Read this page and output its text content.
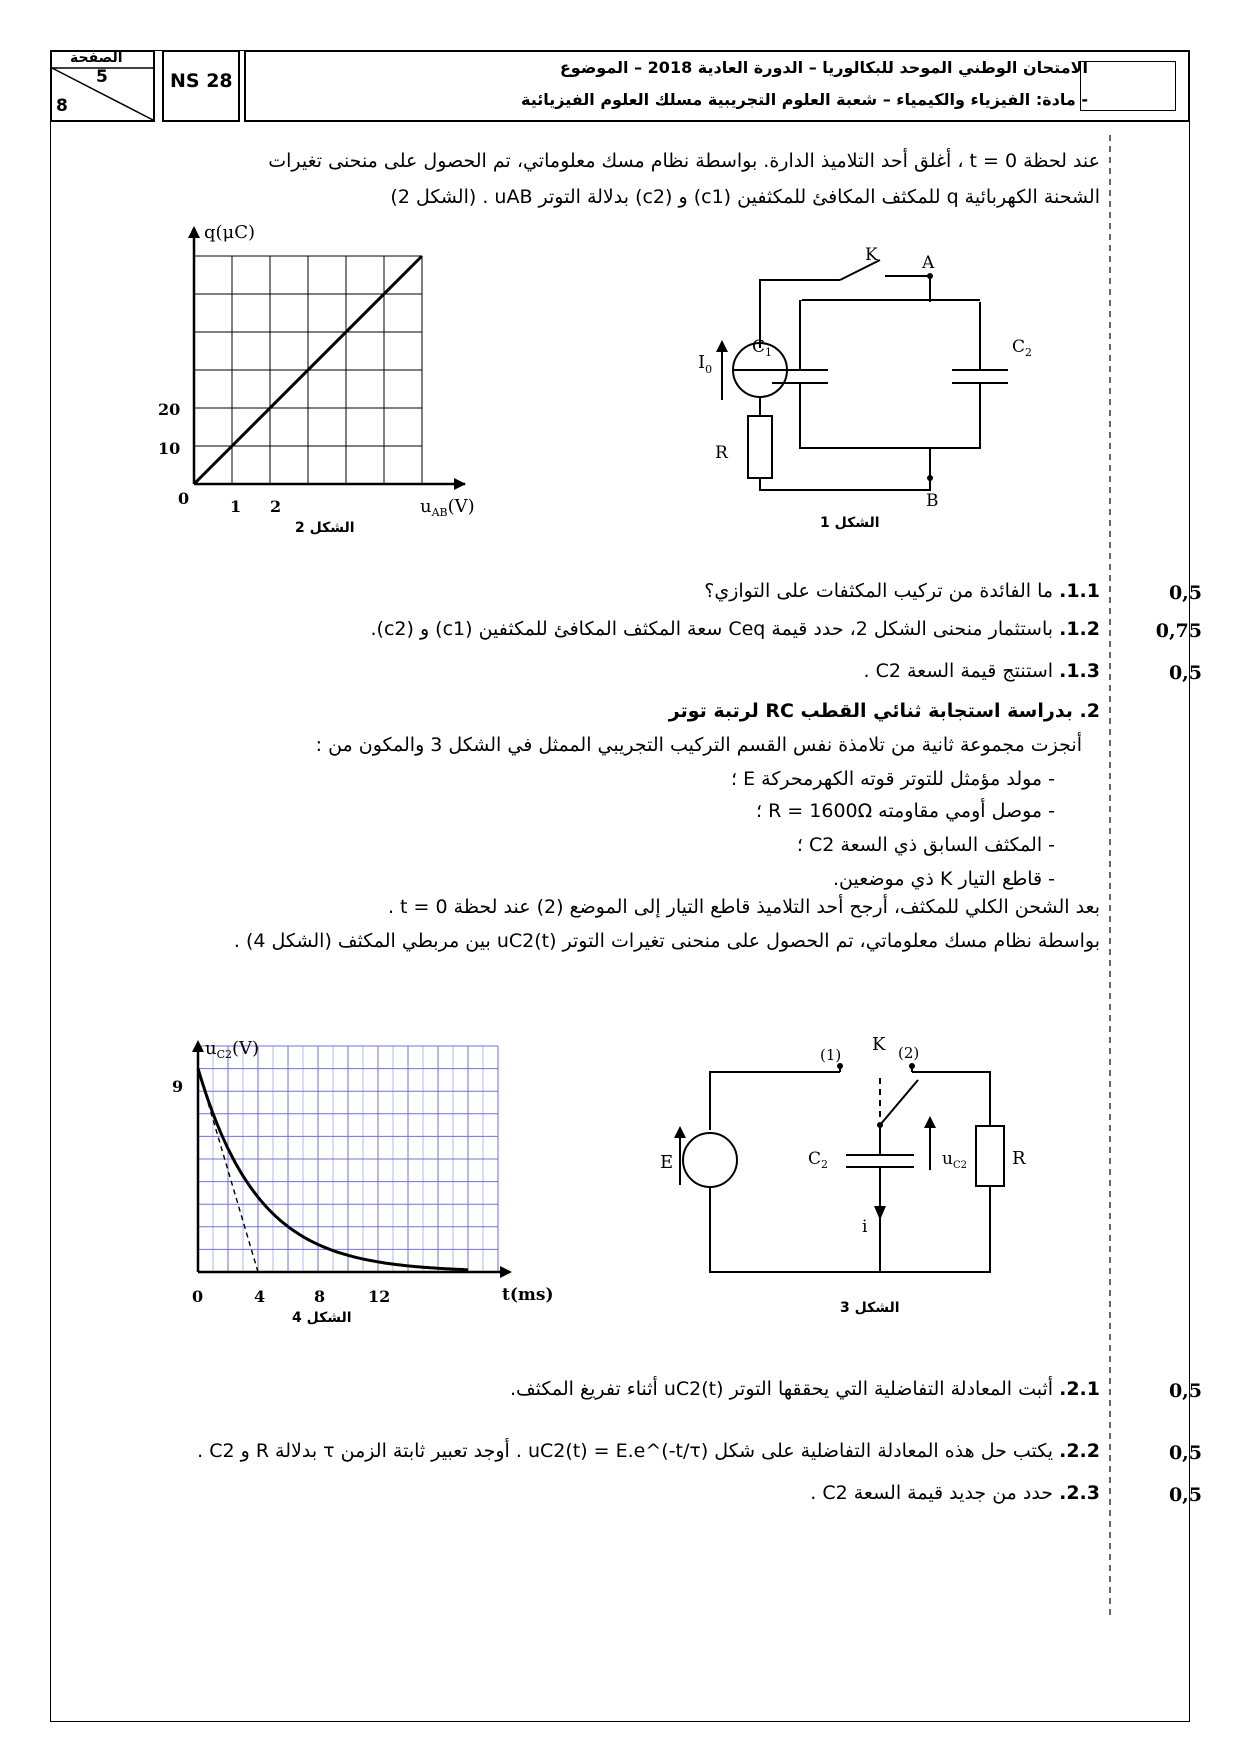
الصفحة
5
8
NS 28
الامتحان الوطني الموحد للبكالوريا – الدورة العادية 2018 – الموضوع
- مادة: الفيزياء والكيمياء – شعبة العلوم التجريبية مسلك العلوم الفيزيائية
عند لحظة t = 0 ، أغلق أحد التلاميذ الدارة. بواسطة نظام مسك معلوماتي، تم الحصول على منحنى تغيرات
الشحنة الكهربائية q للمكثف المكافئ للمكثفين (c1) و (c2) بدلالة التوتر uAB . (الشكل 2)
q(μC)
20
10
0	1 2	$u_{AB}(V)$
الشكل 2
K	A
B
$I_0$
R
$C_1$	$C_2$
الشكل 1
1.1. ما الفائدة من تركيب المكثفات على التوازي؟	0,5
1.2. باستثمار منحنى الشكل 2، حدد قيمة Ceq سعة المكثف المكافئ للمكثفين (c1) و (c2).	0,75
1.3. استنتج قيمة السعة C2 .	0,5
2. بدراسة استجابة ثنائي القطب RC لرتبة توتر
أنجزت مجموعة ثانية من تلامذة نفس القسم التركيب التجريبي الممثل في الشكل 3 والمكون من :
- مولد مؤمثل للتوتر قوته الكهرمحركة E ؛
- موصل أومي مقاومته R = 1600Ω ؛
- المكثف السابق ذي السعة C2 ؛
- قاطع التيار K ذي موضعين.
بعد الشحن الكلي للمكثف، أرجح أحد التلاميذ قاطع التيار إلى الموضع (2) عند لحظة t = 0 .
بواسطة نظام مسك معلوماتي، تم الحصول على منحنى تغيرات التوتر uC2(t) بين مربطي المكثف (الشكل 4) .
$u_{C2}(V)$
9
0	4	8	12	t(ms)
الشكل 4
K
(1)	(2)
E	$C_2$	$u_{C2}$
i
R
الشكل 3
2.1. أثبت المعادلة التفاضلية التي يحققها التوتر uC2(t) أثناء تفريغ المكثف.	0,5
2.2. يكتب حل هذه المعادلة التفاضلية على شكل uC2(t) = E.e^(-t/τ) . أوجد تعبير ثابتة الزمن τ بدلالة R و C2 .	0,5
2.3. حدد من جديد قيمة السعة C2 .	0,5
